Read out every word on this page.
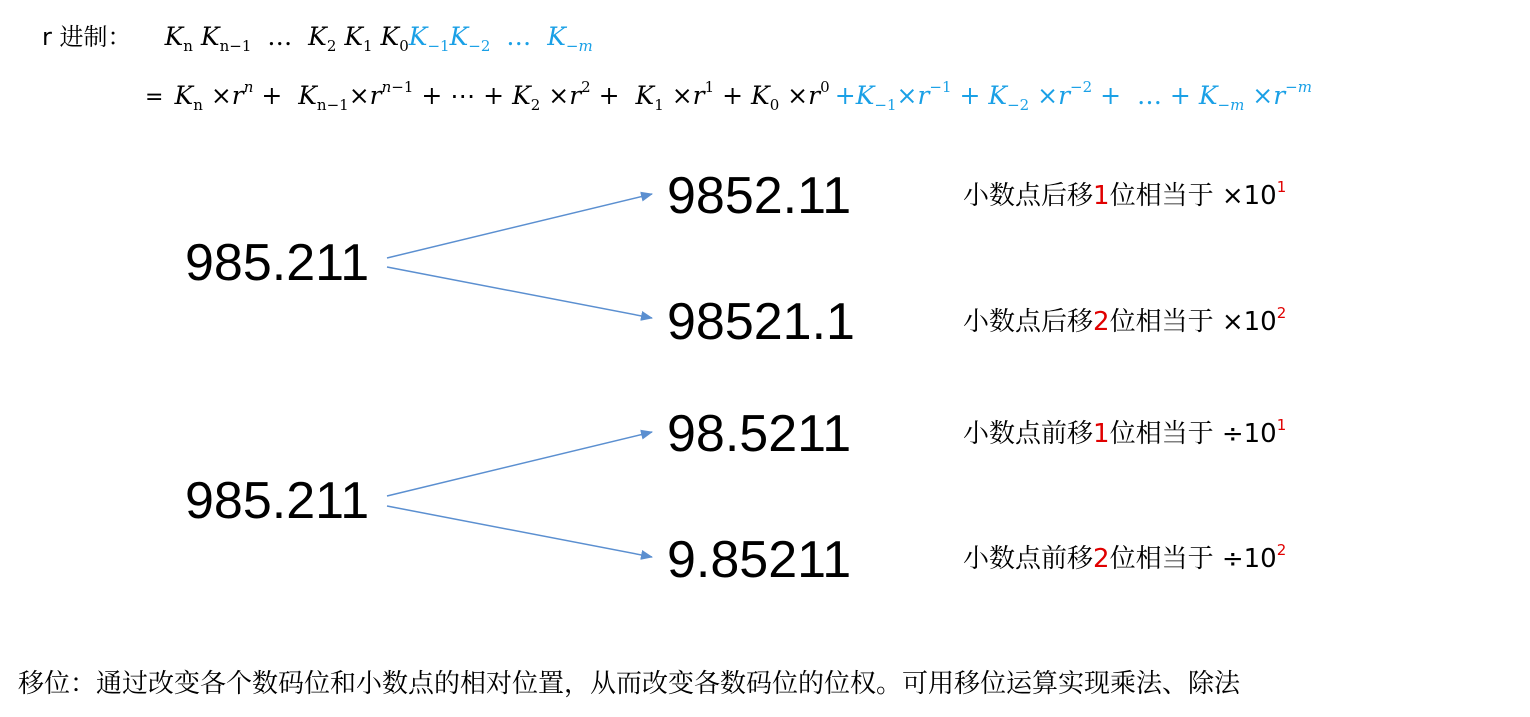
r 进制： $K_n$ $K_{n-1}$  …  $K_2$ $K_1$ $K_0K_{-1}K_{-2}$  …  $K_{-m}$
= $K_n \times r^n + K_{n-1}\times r^{n-1}$ + ⋯ + $K_2 \times r^2 + K_1 \times r^1 + K_0 \times r^0 +K_{-1}\times r^{-1} + K_{-2} \times r^{-2}$ +  … + $K_{-m} \times r^{-m}$
985.211
9852.11
98521.1
小数点后移1位相当于 $\times 10^1$
小数点后移2位相当于 $\times 10^2$
985.211
98.5211
9.85211
小数点前移1位相当于 $\div 10^1$
小数点前移2位相当于 $\div 10^2$
移位：通过改变各个数码位和小数点的相对位置，从而改变各数码位的位权。可用移位运算实现乘法、除法
